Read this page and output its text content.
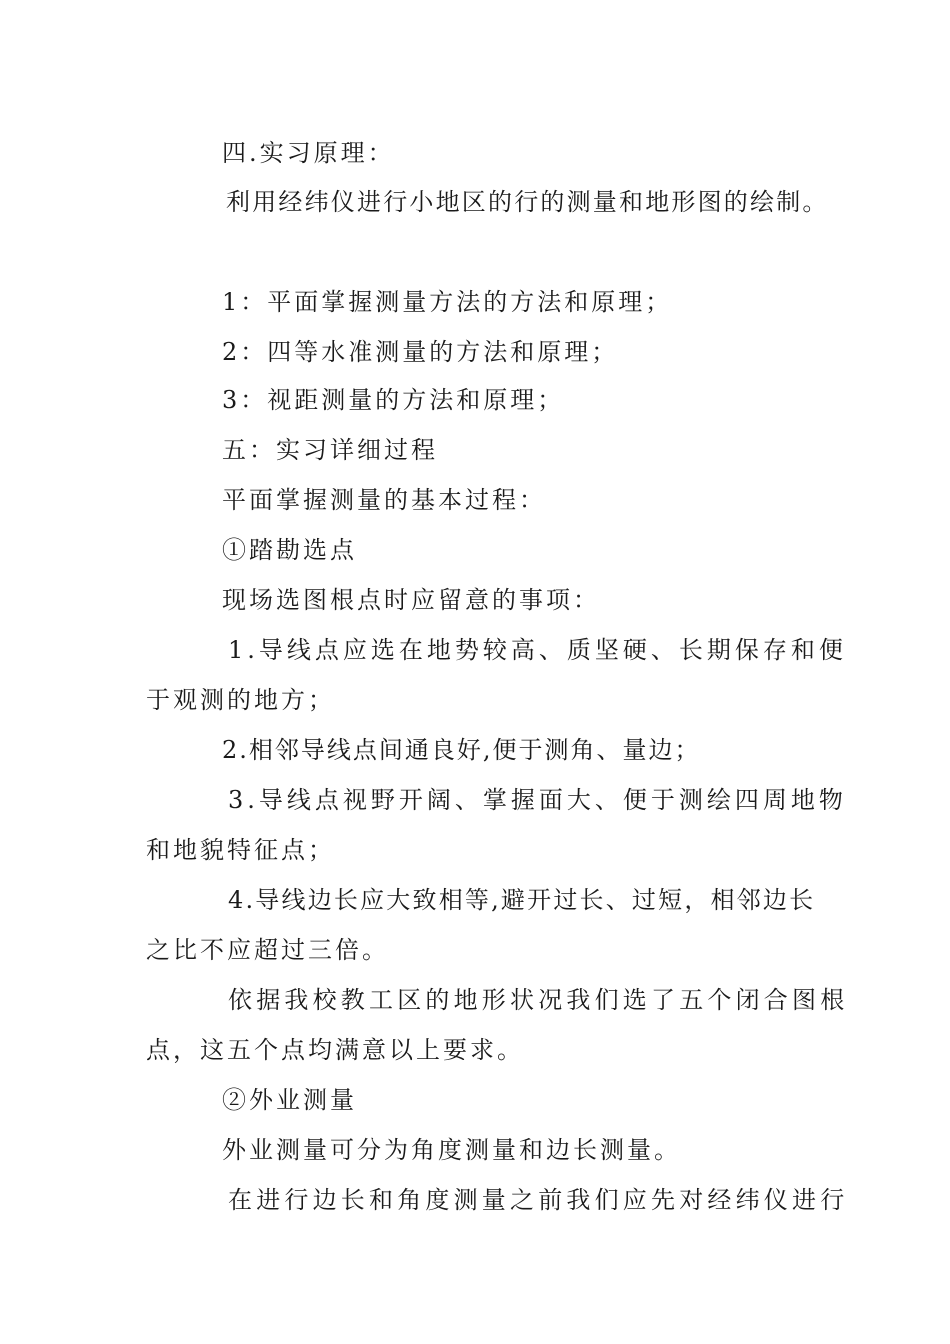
四.实习原理：
利用经纬仪进行小地区的行的测量和地形图的绘制。
1：平面掌握测量方法的方法和原理；
2：四等水准测量的方法和原理；
3：视距测量的方法和原理；
五：实习详细过程
平面掌握测量的基本过程：
①踏勘选点
现场选图根点时应留意的事项：
1.导线点应选在地势较高、质坚硬、长期保存和便
于观测的地方；
2.相邻导线点间通良好,便于测角、量边；
3.导线点视野开阔、掌握面大、便于测绘四周地物
和地貌特征点；
4.导线边长应大致相等,避开过长、过短，相邻边长
之比不应超过三倍。
依据我校教工区的地形状况我们选了五个闭合图根
点，这五个点均满意以上要求。
②外业测量
外业测量可分为角度测量和边长测量。
在进行边长和角度测量之前我们应先对经纬仪进行
